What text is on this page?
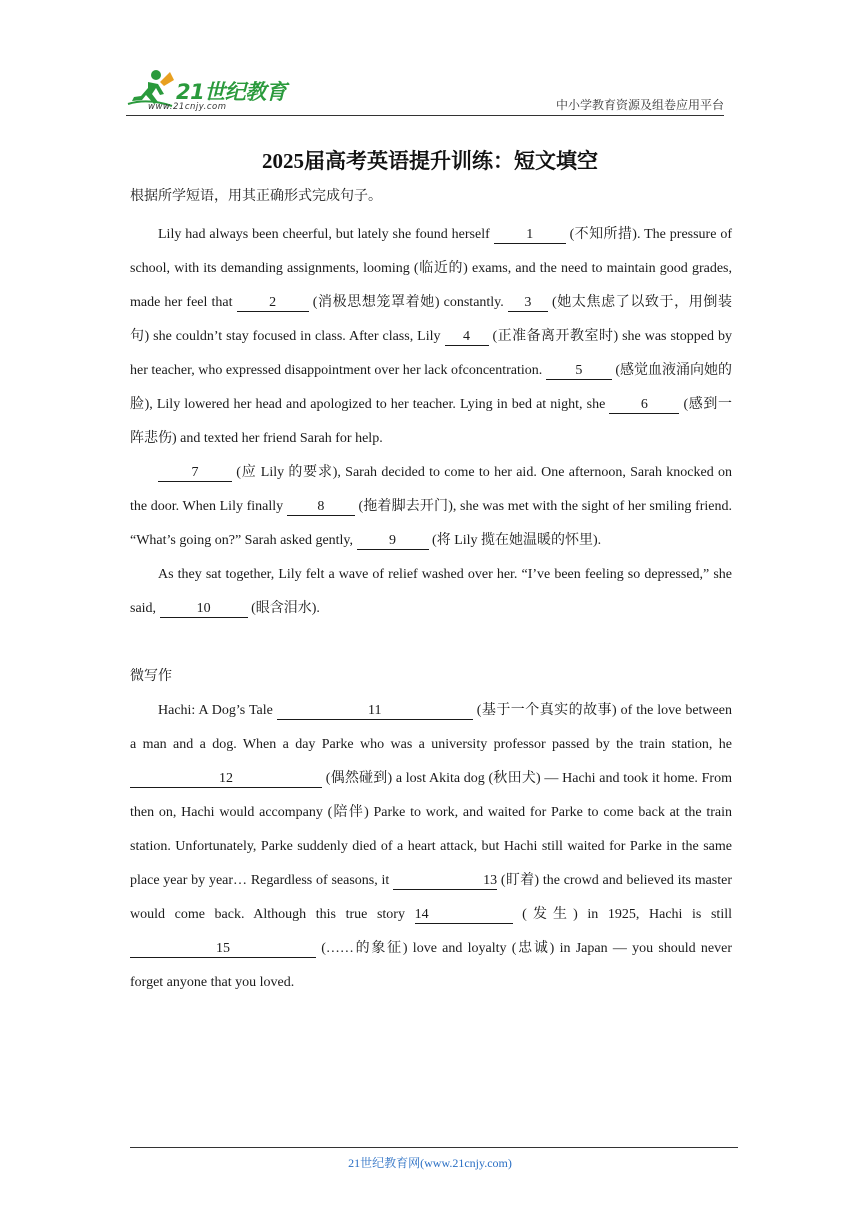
21世纪教育
www.21cnjy.com	中小学教育资源及组卷应用平台
2025届高考英语提升训练：短文填空

根据所学短语，用其正确形式完成句子。

Lily had always been cheerful, but lately she found herself 1 (不知所措). The pressure of school, with its demanding assignments, looming (临近的) exams, and the need to maintain good grades, made her feel that 2 (消极思想笼罩着她) constantly. 3 (她太焦虑了以致于，用倒装句) she couldn’t stay focused in class. After class, Lily 4 (正准备离开教室时) she was stopped by her teacher, who expressed disappointment over her lack ofconcentration. 5 (感觉血液涌向她的脸), Lily lowered her head and apologized to her teacher. Lying in bed at night, she 6 (感到一阵悲伤) and texted her friend Sarah for help.

7 (应 Lily 的要求), Sarah decided to come to her aid. One afternoon, Sarah knocked on the door. When Lily finally 8 (拖着脚去开门), she was met with the sight of her smiling friend. “What’s going on?” Sarah asked gently, 9 (将 Lily 揽在她温暖的怀里).

As they sat together, Lily felt a wave of relief washed over her. “I’ve been feeling so depressed,” she said,	10	(眼含泪水).

微写作

Hachi: A Dog’s Tale	11	(基于一个真实的故事) of the love between a man and a dog. When a day Parke who was a university professor passed by the train station, he 12	(偶然碰到) a lost Akita dog (秋田犬) — Hachi and took it home. From then on, Hachi would accompany (陪伴) Parke to work, and waited for Parke to come back at the train station. Unfortunately, Parke suddenly died of a heart attack, but Hachi still waited for Parke in the same place year by year… Regardless of seasons, it	13 (盯着) the crowd and believed its master would come back. Although this true story 14	(发生) in 1925, Hachi is still 15	(……的象征) love and loyalty (忠诚) in Japan — you should never forget anyone that you loved.

21世纪教育网(www.21cnjy.com)
